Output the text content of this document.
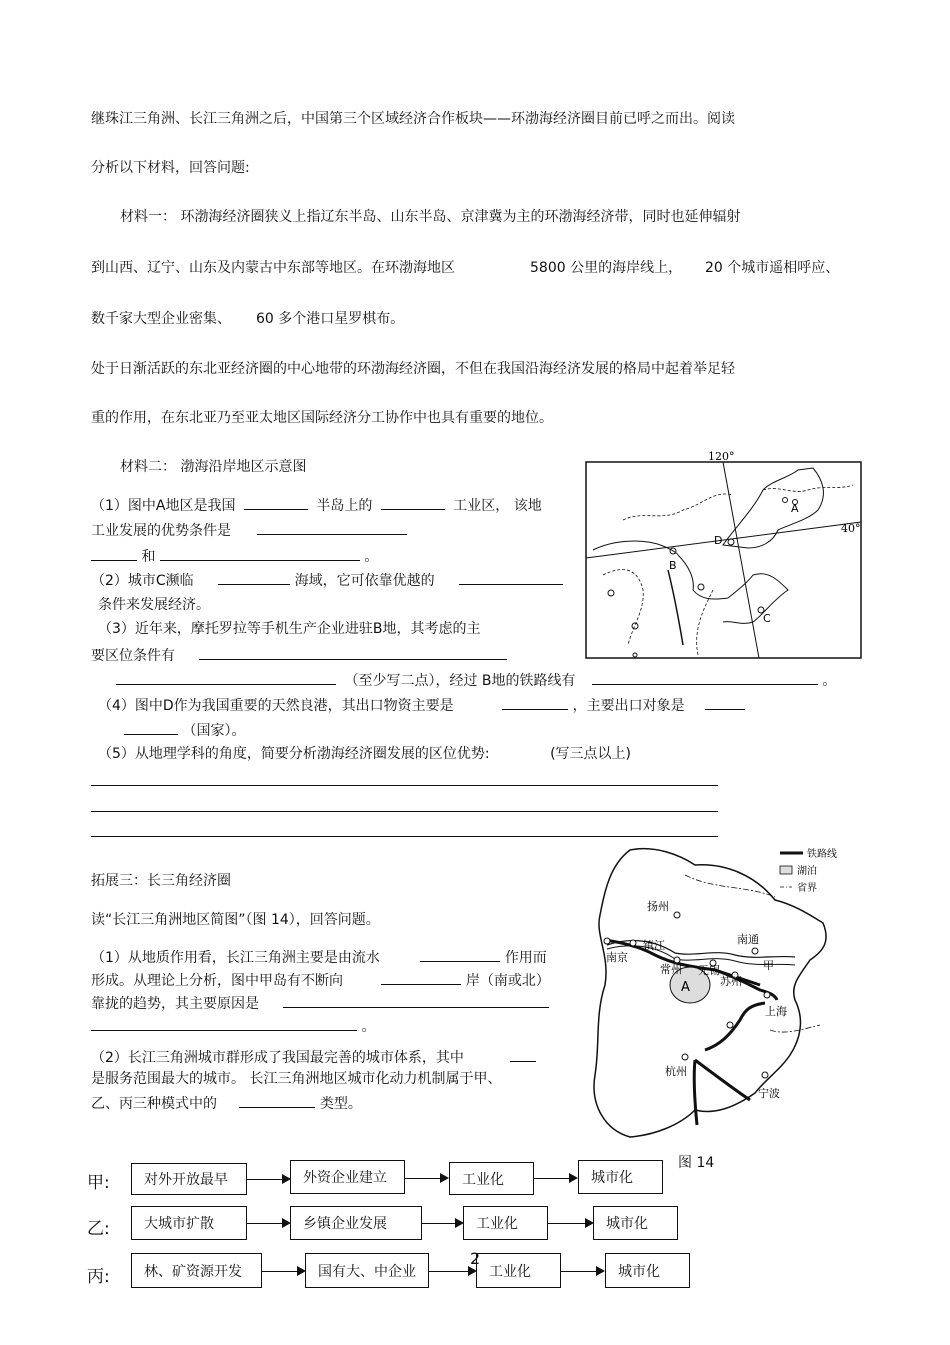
继珠江三角洲、长江三角洲之后，中国第三个区域经济合作板块——环渤海经济圈目前已呼之而出。阅读
分析以下材料，回答问题:
材料一： 环渤海经济圈狭义上指辽东半岛、山东半岛、京津冀为主的环渤海经济带，同时也延伸辐射
到山西、辽宁、山东及内蒙古中东部等地区。在环渤海地区	5800 公里的海岸线上， 20 个城市遥相呼应、
数千家大型企业密集、 60 多个港口星罗棋布。
处于日渐活跃的东北亚经济圈的中心地带的环渤海经济圈，不但在我国沿海经济发展的格局中起着举足轻
重的作用，在东北亚乃至亚太地区国际经济分工协作中也具有重要的地位。
材料二： 渤海沿岸地区示意图
（1）图中A地区是我国	半岛上的	工业区， 该地
工业发展的优势条件是
和	。
（2）城市C濒临	海域，它可依靠优越的
条件来发展经济。
（3）近年来，摩托罗拉等手机生产企业进驻B地，其考虑的主
要区位条件有
（至少写二点），经过 B地的铁路线有	。
（4）图中D作为我国重要的天然良港，其出口物资主要是	，主要出口对象是
（国家）。
（5）从地理学科的角度，简要分析渤海经济圈发展的区位优势:	(写三点以上)
120°
40°
A
B
C
D
拓展三：长三角经济圈
读“长江三角洲地区简图”（图 14），回答问题。
（1）从地质作用看，长江三角洲主要是由流水	作用而
形成。从理论上分析，图中甲岛有不断向	岸（南或北）
靠拢的趋势，其主要原因是
。
（2）长江三角洲城市群形成了我国最完善的城市体系，其中
是服务范围最大的城市。 长江三角洲地区城市化动力机制属于甲、
乙、丙三种模式中的	类型。
扬州
南京
镇江	南通
常州 无锡
苏州
上海
杭州
宁波
甲
A
铁路线
湖泊
省界
图 14
甲:	对外开放最早	外资企业建立	工业化	城市化
乙:	大城市扩散	乡镇企业发展	工业化	城市化
丙:	林、矿资源开发	国有大、中企业	工业化	城市化
2
